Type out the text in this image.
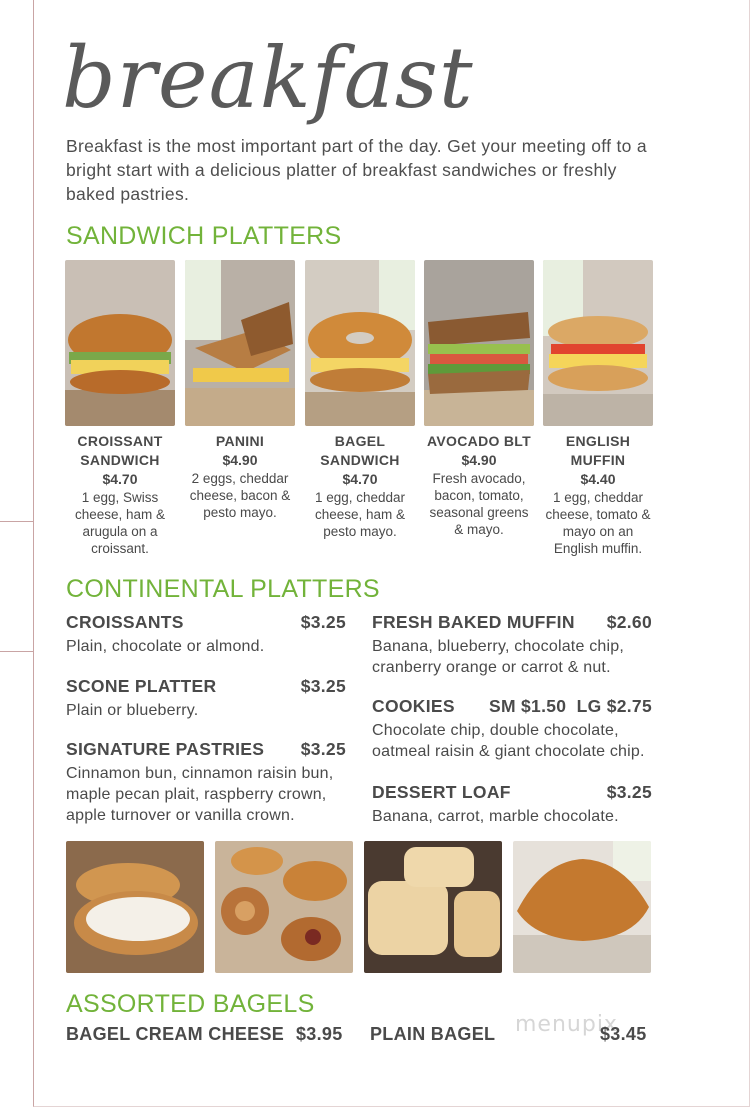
breakfast
Breakfast is the most important part of the day. Get your meeting off to a bright start with a delicious platter of breakfast sandwiches or freshly baked pastries.
SANDWICH PLATTERS
CROISSANT SANDWICH
$4.70
1 egg, Swiss cheese, ham & arugula on a croissant.
PANINI
$4.90
2 eggs, cheddar cheese, bacon & pesto mayo.
BAGEL SANDWICH
$4.70
1 egg, cheddar cheese, ham & pesto mayo.
AVOCADO BLT
$4.90
Fresh avocado, bacon, tomato, seasonal greens & mayo.
ENGLISH MUFFIN
$4.40
1 egg, cheddar cheese, tomato & mayo on an English muffin.
CONTINENTAL PLATTERS
CROISSANTS	$3.25
Plain, chocolate or almond.
SCONE PLATTER	$3.25
Plain or blueberry.
SIGNATURE PASTRIES $3.25
Cinnamon bun, cinnamon raisin bun, maple pecan plait, raspberry crown, apple turnover or vanilla crown.
FRESH BAKED MUFFIN $2.60
Banana, blueberry, chocolate chip, cranberry orange or carrot & nut.
COOKIES SM $1.50  LG $2.75
Chocolate chip, double chocolate, oatmeal raisin & giant chocolate chip.
DESSERT LOAF	$3.25
Banana, carrot, marble chocolate.
ASSORTED BAGELS
BAGEL CREAM CHEESE $3.95 PLAIN BAGEL menupix
$3.45
